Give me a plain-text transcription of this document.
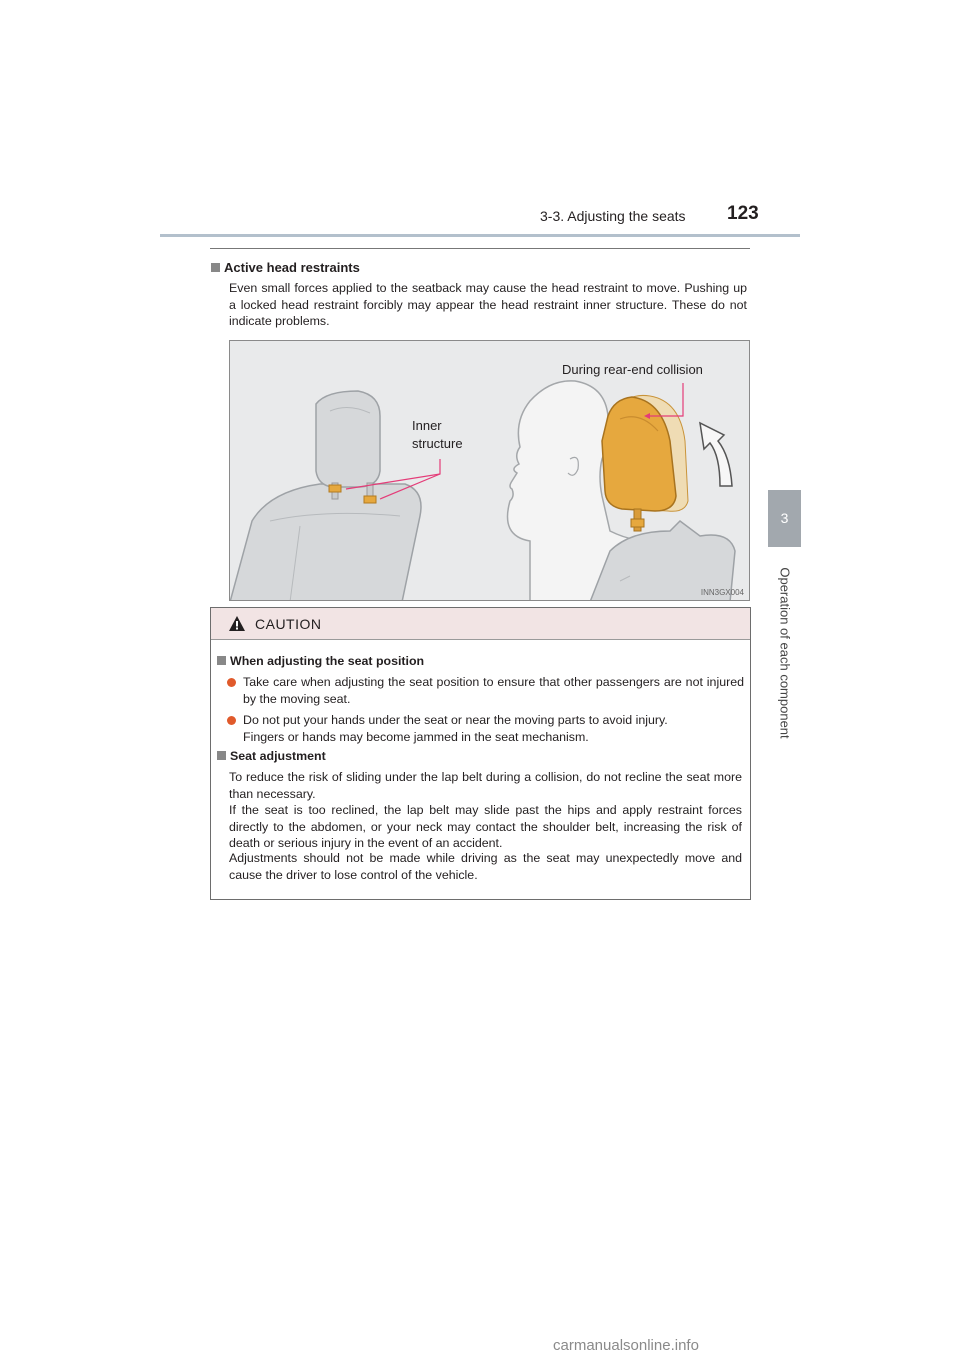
3-3. Adjusting the seats 123
3
Operation of each component
Active head restraints
Even small forces applied to the seatback may cause the head restraint to move. Pushing up a locked head restraint forcibly may appear the head restraint inner structure. These do not indicate problems.
During rear-end collision
Inner
structure
INN3GX004
CAUTION
When adjusting the seat position
Take care when adjusting the seat position to ensure that other passengers are not injured by the moving seat.
Do not put your hands under the seat or near the moving parts to avoid injury.
Fingers or hands may become jammed in the seat mechanism.
Seat adjustment
To reduce the risk of sliding under the lap belt during a collision, do not recline the seat more than necessary.
If the seat is too reclined, the lap belt may slide past the hips and apply restraint forces directly to the abdomen, or your neck may contact the shoulder belt, increasing the risk of death or serious injury in the event of an accident.
Adjustments should not be made while driving as the seat may unexpectedly move and cause the driver to lose control of the vehicle.
carmanualsonline.info
